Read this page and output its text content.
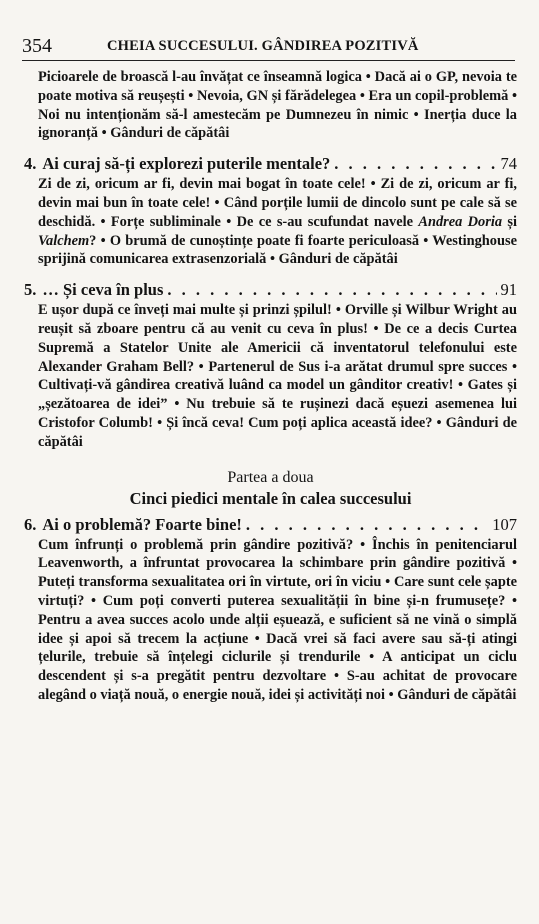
354	CHEIA SUCCESULUI. GÂNDIREA POZITIVĂ

Picioarele de broască l-au învățat ce înseamnă logica • Dacă ai o GP, nevoia te poate motiva să reușești • Nevoia, GN și fărădelegea • Era un copil-problemă • Noi nu intenționăm să-l amestecăm pe Dumnezeu în nimic • Inerția duce la ignoranță • Gânduri de căpătâi

4. Ai curaj să-ți explorezi puterile mentale? . . .	74

Zi de zi, oricum ar fi, devin mai bogat în toate cele! • Zi de zi, oricum ar fi, devin mai bun în toate cele! • Când porțile lumii de dincolo sunt pe cale să se deschidă. • Forțe subliminale • De ce s-au scufundat navele Andrea Doria și Valchem? • O brumă de cunoștințe poate fi foarte periculoasă • Westinghouse sprijină comunicarea extrasenzorială • Gânduri de căpătâi

5. … Și ceva în plus . . .	91

E ușor după ce înveți mai multe și prinzi șpilul! • Orville și Wilbur Wright au reușit să zboare pentru că au venit cu ceva în plus! • De ce a decis Curtea Supremă a Statelor Unite ale Americii că inventatorul telefonului este Alexander Graham Bell? • Partenerul de Sus i-a arătat drumul spre succes • Cultivați-vă gândirea creativă luând ca model un gânditor creativ! • Gates și „șezătoarea de idei” • Nu trebuie să te rușinezi dacă eșuezi asemenea lui Cristofor Columb! • Și încă ceva! Cum poți aplica această idee? • Gânduri de căpătâi

Partea a doua
Cinci piedici mentale în calea succesului
6. Ai o problemă? Foarte bine! . . .	107

Cum înfrunți o problemă prin gândire pozitivă? • Închis în penitenciarul Leavenworth, a înfruntat provocarea la schimbare prin gândire pozitivă • Puteți transforma sexualitatea ori în virtute, ori în viciu • Care sunt cele șapte virtuți? • Cum poți converti puterea sexualității în bine și-n frumusețe? • Pentru a avea succes acolo unde alții eșuează, e suficient să ne vină o simplă idee și apoi să trecem la acțiune • Dacă vrei să faci avere sau să-ți atingi țelurile, trebuie să înțelegi ciclurile și trendurile • A anticipat un ciclu descendent și s-a pregătit pentru dezvoltare • S-au achitat de provocare alegând o viață nouă, o energie nouă, idei și activități noi • Gânduri de căpătâi
